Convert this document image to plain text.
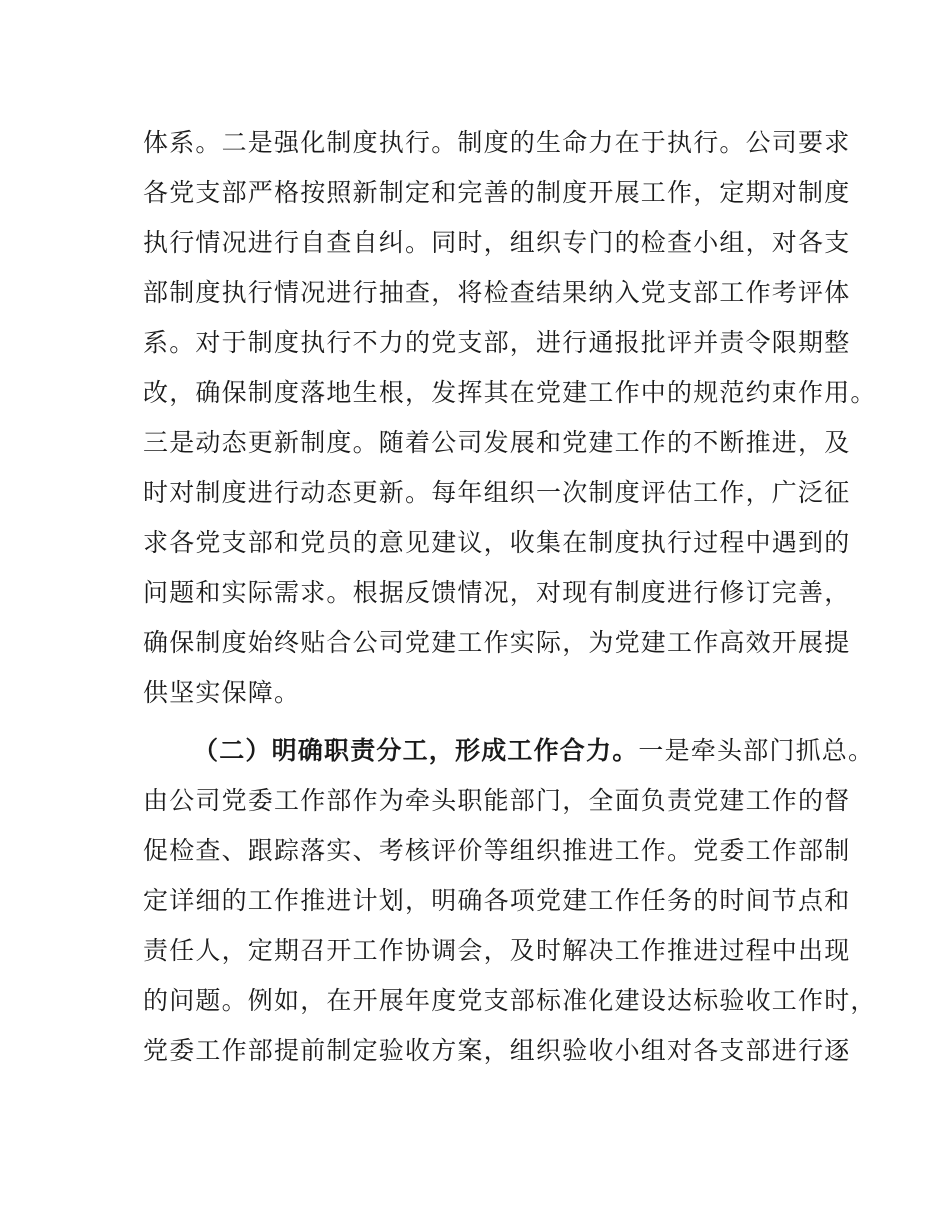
体系。二是强化制度执行。制度的生命力在于执行。公司要求
各党支部严格按照新制定和完善的制度开展工作，定期对制度
执行情况进行自查自纠。同时，组织专门的检查小组，对各支
部制度执行情况进行抽查，将检查结果纳入党支部工作考评体
系。对于制度执行不力的党支部，进行通报批评并责令限期整
改，确保制度落地生根，发挥其在党建工作中的规范约束作用。
三是动态更新制度。随着公司发展和党建工作的不断推进，及
时对制度进行动态更新。每年组织一次制度评估工作，广泛征
求各党支部和党员的意见建议，收集在制度执行过程中遇到的
问题和实际需求。根据反馈情况，对现有制度进行修订完善，
确保制度始终贴合公司党建工作实际，为党建工作高效开展提
供坚实保障。
（二）明确职责分工，形成工作合力。一是牵头部门抓总。
由公司党委工作部作为牵头职能部门，全面负责党建工作的督
促检查、跟踪落实、考核评价等组织推进工作。党委工作部制
定详细的工作推进计划，明确各项党建工作任务的时间节点和
责任人，定期召开工作协调会，及时解决工作推进过程中出现
的问题。例如，在开展年度党支部标准化建设达标验收工作时，
党委工作部提前制定验收方案，组织验收小组对各支部进行逐
